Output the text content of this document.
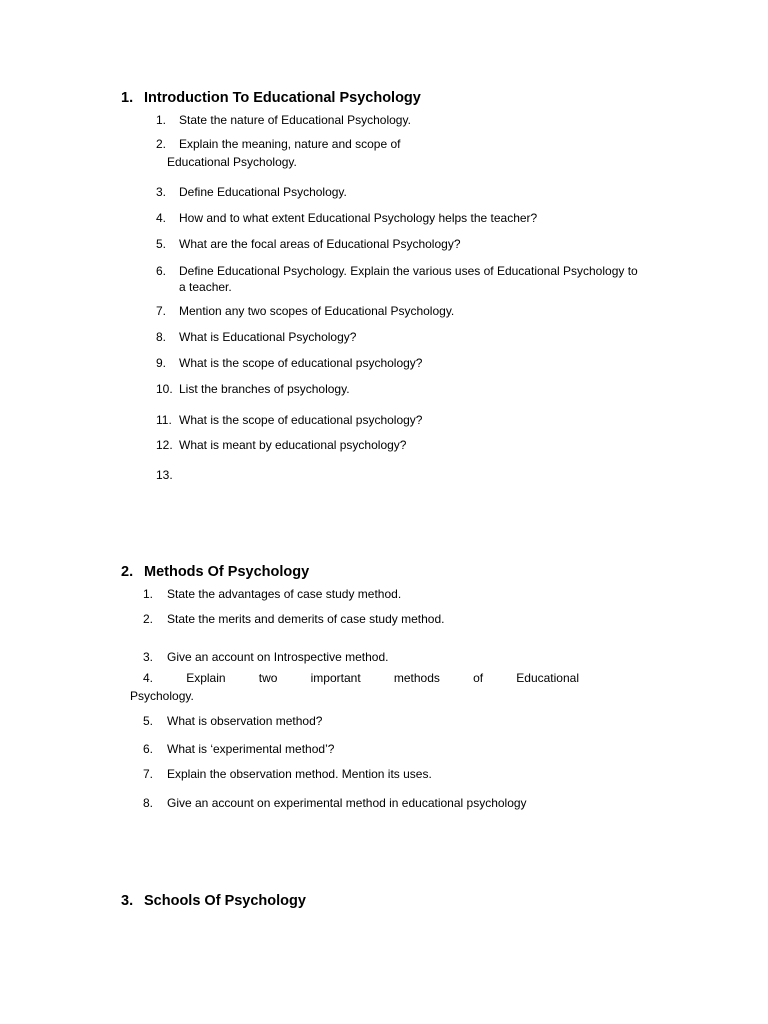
1. Introduction To Educational Psychology
1. State the nature of Educational Psychology.
2. Explain the meaning, nature and scope of
Educational Psychology.
3. Define Educational Psychology.
4. How and to what extent Educational Psychology helps the teacher?
5. What are the focal areas of Educational Psychology?
6. Define Educational Psychology. Explain the various uses of Educational Psychology to
a teacher.
7. Mention any two scopes of Educational Psychology.
8. What is Educational Psychology?
9. What is the scope of educational psychology?
10. List the branches of psychology.
11. What is the scope of educational psychology?
12. What is meant by educational psychology?
13.
2. Methods Of Psychology
1. State the advantages of case study method.
2. State the merits and demerits of case study method.
3. Give an account on Introspective method.
4.	Explain	two	important	methods	of	Educational
Psychology.
5. What is observation method?
6. What is ‘experimental method’?
7. Explain the observation method. Mention its uses.
8. Give an account on experimental method in educational psychology
3. Schools Of Psychology
